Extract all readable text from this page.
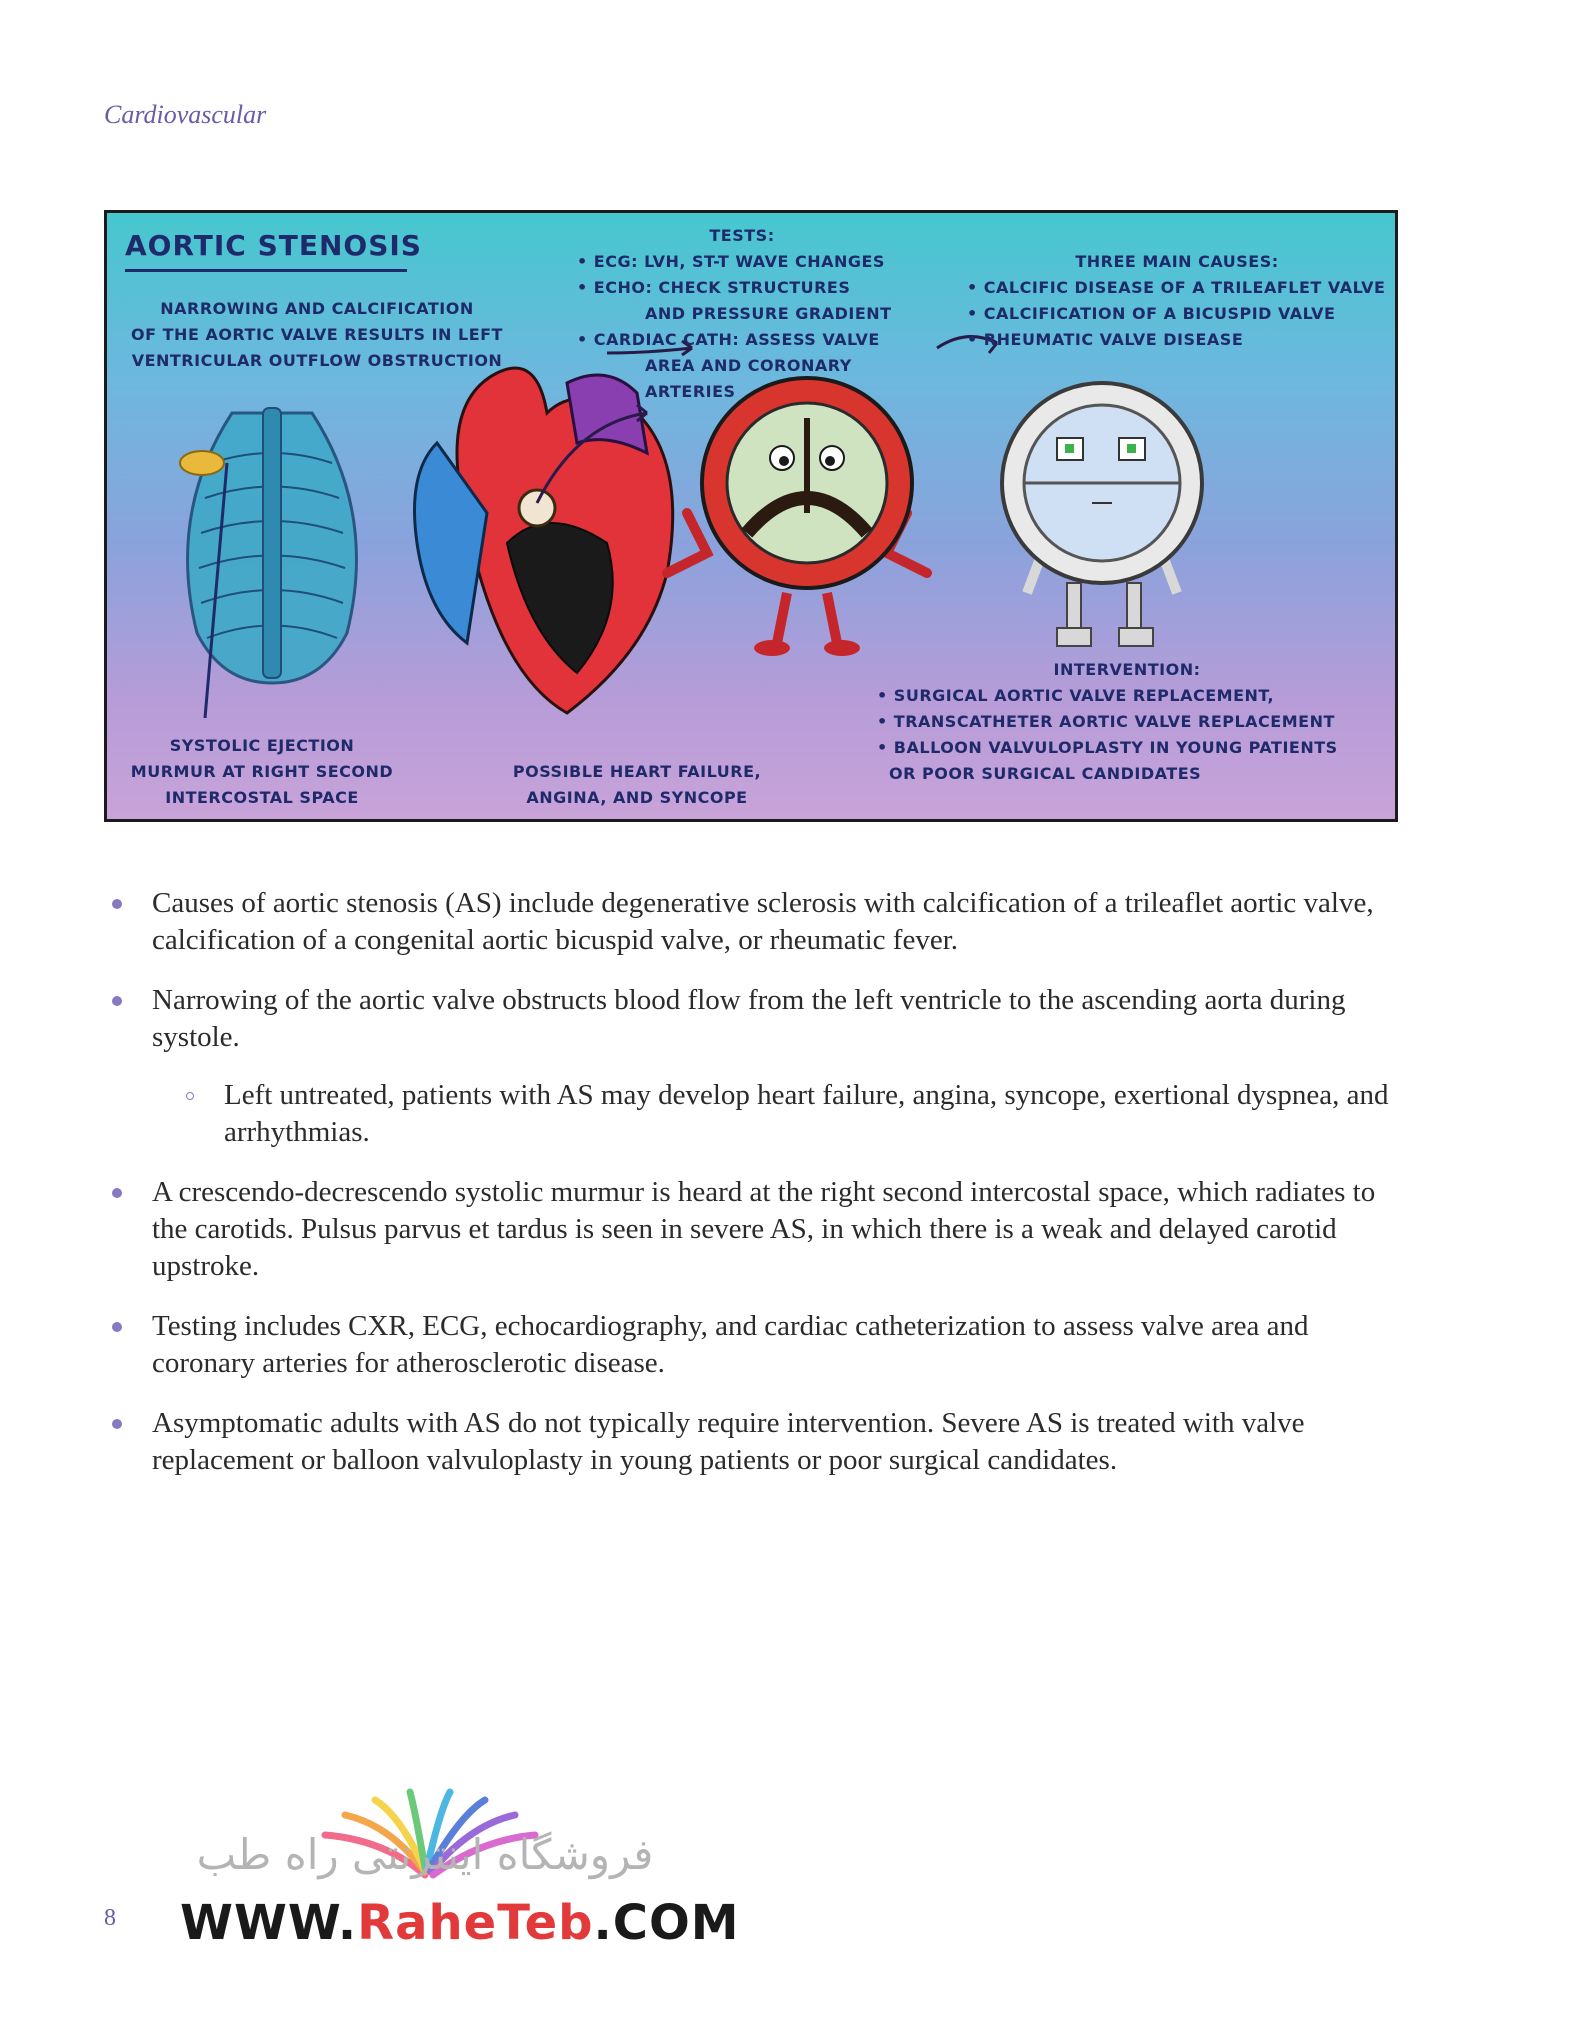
Cardiovascular
AORTIC STENOSIS
NARROWING AND CALCIFICATION
OF THE AORTIC VALVE RESULTS IN LEFT
VENTRICULAR OUTFLOW OBSTRUCTION
TESTS:
• ECG: LVH, ST-T WAVE CHANGES
• ECHO: CHECK STRUCTURES
AND PRESSURE GRADIENT
• CARDIAC CATH: ASSESS VALVE
AREA AND CORONARY
ARTERIES
THREE MAIN CAUSES:
• CALCIFIC DISEASE OF A TRILEAFLET VALVE
• CALCIFICATION OF A BICUSPID VALVE
• RHEUMATIC VALVE DISEASE
SYSTOLIC EJECTION
MURMUR AT RIGHT SECOND
INTERCOSTAL SPACE
POSSIBLE HEART FAILURE,
ANGINA, AND SYNCOPE
INTERVENTION:
• SURGICAL AORTIC VALVE REPLACEMENT,
• TRANSCATHETER AORTIC VALVE REPLACEMENT
• BALLOON VALVULOPLASTY IN YOUNG PATIENTS
OR POOR SURGICAL CANDIDATES
Causes of aortic stenosis (AS) include degenerative sclerosis with calcification of a trileaflet aortic valve, calcification of a congenital aortic bicuspid valve, or rheumatic fever.
Narrowing of the aortic valve obstructs blood flow from the left ventricle to the ascending aorta during systole.
Left untreated, patients with AS may develop heart failure, angina, syncope, exertional dyspnea, and arrhythmias.
A crescendo-decrescendo systolic murmur is heard at the right second intercostal space, which radiates to the carotids. Pulsus parvus et tardus is seen in severe AS, in which there is a weak and delayed carotid upstroke.
Testing includes CXR, ECG, echocardiography, and cardiac catheterization to assess valve area and coronary arteries for atherosclerotic disease.
Asymptomatic adults with AS do not typically require intervention. Severe AS is treated with valve replacement or balloon valvuloplasty in young patients or poor surgical candidates.
فروشگاه اینترنتی راه طب
WWW.RaheTeb.COM
8
